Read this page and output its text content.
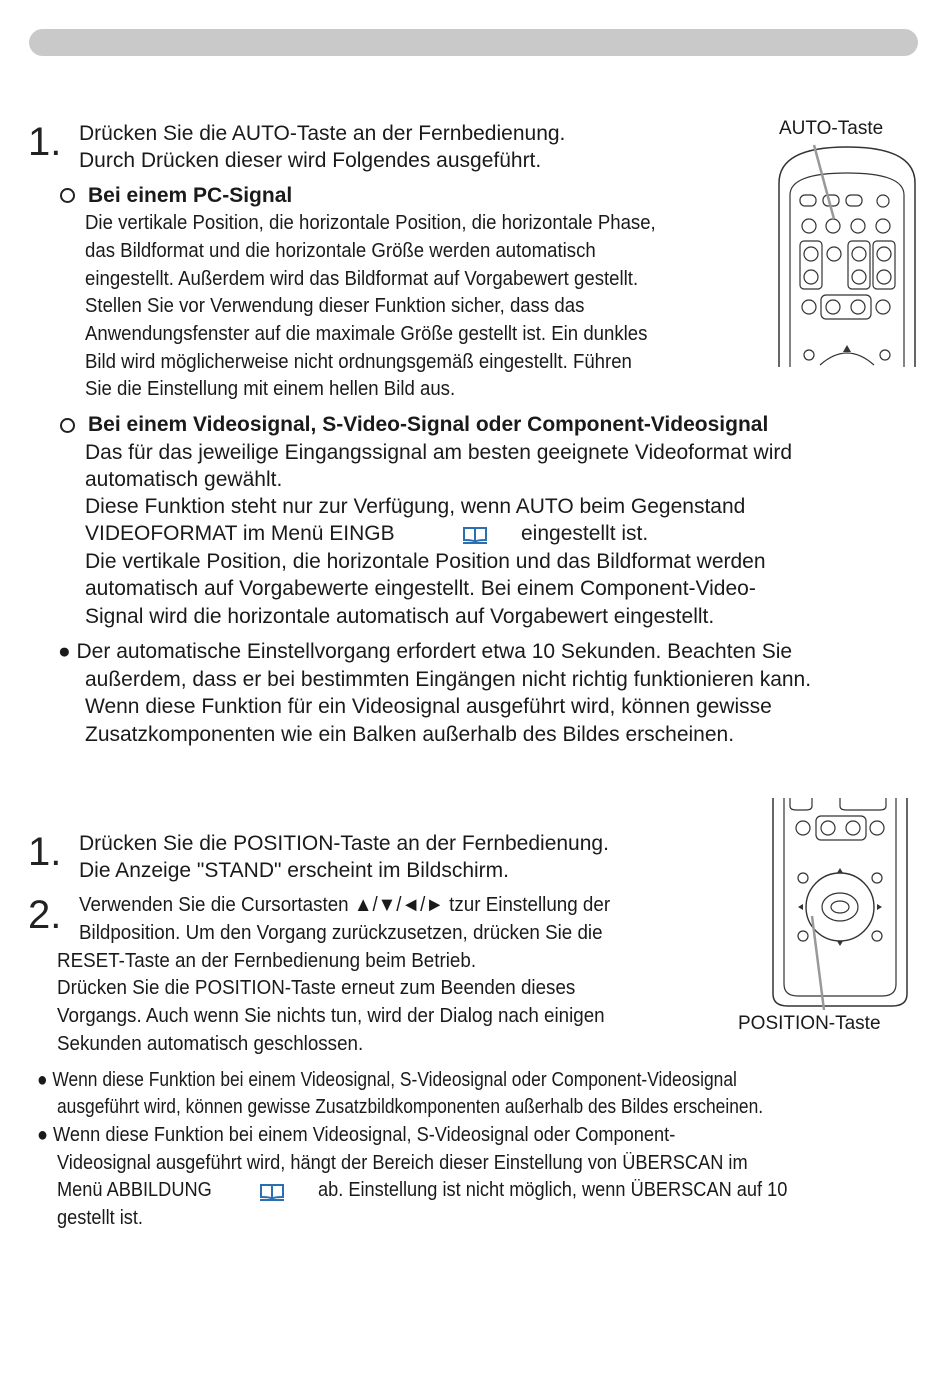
1. Drücken Sie die AUTO-Taste an der Fernbedienung.
Durch Drücken dieser wird Folgendes ausgeführt.
AUTO-Taste
Bei einem PC-Signal
Die vertikale Position, die horizontale Position, die horizontale Phase,
das Bildformat und die horizontale Größe werden automatisch
eingestellt. Außerdem wird das Bildformat auf Vorgabewert gestellt.
Stellen Sie vor Verwendung dieser Funktion sicher, dass das
Anwendungsfenster auf die maximale Größe gestellt ist. Ein dunkles
Bild wird möglicherweise nicht ordnungsgemäß eingestellt. Führen
Sie die Einstellung mit einem hellen Bild aus.
Bei einem Videosignal, S-Video-Signal oder Component-Videosignal
Das für das jeweilige Eingangssignal am besten geeignete Videoformat wird
automatisch gewählt.
Diese Funktion steht nur zur Verfügung, wenn AUTO beim Gegenstand
VIDEOFORMAT im Menü EINGB	eingestellt ist.
Die vertikale Position, die horizontale Position und das Bildformat werden
automatisch auf Vorgabewerte eingestellt. Bei einem Component-Video-
Signal wird die horizontale automatisch auf Vorgabewert eingestellt.
● Der automatische Einstellvorgang erfordert etwa 10 Sekunden. Beachten Sie
außerdem, dass er bei bestimmten Eingängen nicht richtig funktionieren kann.
Wenn diese Funktion für ein Videosignal ausgeführt wird, können gewisse
Zusatzkomponenten wie ein Balken außerhalb des Bildes erscheinen.
POSITION-Taste
1. Drücken Sie die POSITION-Taste an der Fernbedienung.
Die Anzeige "STAND" erscheint im Bildschirm.
2. Verwenden Sie die Cursortasten ▲/▼/◄/► tzur Einstellung der
Bildposition. Um den Vorgang zurückzusetzen, drücken Sie die
RESET-Taste an der Fernbedienung beim Betrieb.
Drücken Sie die POSITION-Taste erneut zum Beenden dieses
Vorgangs. Auch wenn Sie nichts tun, wird der Dialog nach einigen
Sekunden automatisch geschlossen.
● Wenn diese Funktion bei einem Videosignal, S-Videosignal oder Component-Videosignal
ausgeführt wird, können gewisse Zusatzbildkomponenten außerhalb des Bildes erscheinen.
● Wenn diese Funktion bei einem Videosignal, S-Videosignal oder Component-
Videosignal ausgeführt wird, hängt der Bereich dieser Einstellung von ÜBERSCAN im
Menü ABBILDUNG	ab. Einstellung ist nicht möglich, wenn ÜBERSCAN auf 10
gestellt ist.
